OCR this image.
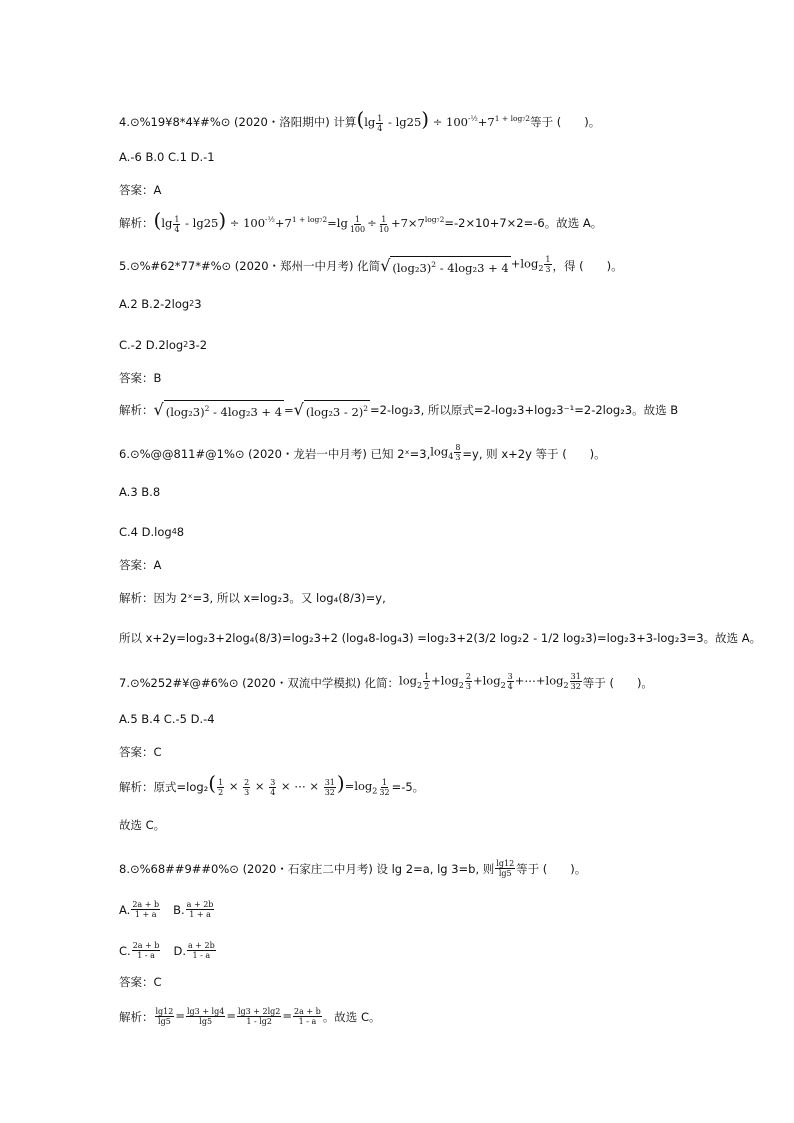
4.⊙%19¥8*4¥#%⊙ (2020・洛阳期中) 计算 $(\lg \frac{1}{4} - \lg 25) \div 100^{-\frac{1}{2}}+7^{1 + log_72}$ 等于 (　　)。
A.-6 B.0 C.1 D.-1
答案：A
解析： $(\lg \frac{1}{4} - \lg 25) \div 100^{-\frac{1}{2}}+7^{1 + log_72}=\lg \frac{1}{100} \div \frac{1}{10} +7\times 7^{log_72} =-2\times 10+7\times 2=-6$。故选 A。
5.⊙%#62*77*#%⊙ (2020・郑州一中月考) 化简 √ $(\log_23)^2 - 4\log_23 + 4 +\log_2 \frac{1}{3}$ ，得 (　　)。
A.2 B.2-2log 2 3
C.-2 D.2log 2 3-2
答案：B
解析： √ $(\log_23)^2 - 4\log_23 + 4$ = √ (log₂3 - 2)$^2$ =2-log₂3, 所以原式=2-log₂3+log₂3⁻¹=2-2log₂3。故选 B
6.⊙%@@811#@1%⊙ (2020・龙岩一中月考) 已知 2ˣ=3, $\log_4 \frac{8}{3} =y$, 则 x+2y 等于 (　　)。
A.3 B.8
C.4 D.log 4 8
答案：A
解析：因为 2ˣ=3, 所以 x=log₂3。又 log₄(8/3)=y,
所以 x+2y=log₂3+2log₄(8/3)=log₂3+2 (log₄8-log₄3) =log₂3+2(3/2 log₂2 - 1/2 log₂3)=log₂3+3-log₂3=3。故选 A。
7.⊙%252#¥@#6%⊙ (2020・双流中学模拟) 化简： $\log_2 \frac{1}{2} +\log_2 \frac{2}{3} +\log_2 \frac{3}{4}$ $+\cdots+\log_2 \frac{31}{32}$ 等于 (　　)。
A.5 B.4 C.-5 D.-4
答案：C
解析：原式=log₂ ( $\frac{1}{2} \times \frac{2}{3} \times \frac{3}{4}$ × ⋯ × $\frac{31}{32} )=\log_2 \frac{1}{32} =-5$。
故选 C。
8.⊙%68##9##0%⊙ (2020・石家庄二中月考) 设 lg 2=a, lg 3=b, 则 $\frac{\lg 12}{\lg 5}$ 等于 (　　)。
A. $\frac{2a + b}{1 + a} B$. $\frac{a + 2b}{1 + a}$
C. $\frac{2a + b}{1 - a} D$. $\frac{a + 2b}{1 - a}$
答案：C
解析： $\frac{\lg 12}{\lg 5} = \frac{\lg 3 + \lg 4}{\lg 5} = \frac{\lg 3 + 2\lg 2}{1 - \lg 2} = \frac{2a + b}{1 - a}$ 。故选 C。
